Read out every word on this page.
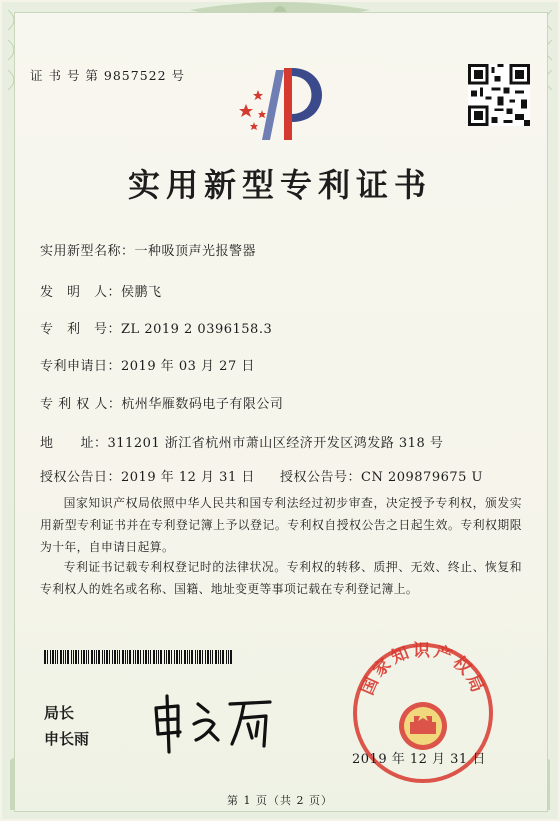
证 书 号 第 9857522 号
实用新型专利证书
实用新型名称：一种吸顶声光报警器
发　明　人：侯鹏飞
专　利　号：ZL 2019 2 0396158.3
专利申请日：2019 年 03 月 27 日
专 利 权 人：杭州华雁数码电子有限公司
地　　址：311201 浙江省杭州市萧山区经济开发区鸿发路 318 号
授权公告日：2019 年 12 月 31 日 授权公告号：CN 209879675 U
国家知识产权局依照中华人民共和国专利法经过初步审查，决定授予专利权，颁发实用新型专利证书并在专利登记簿上予以登记。专利权自授权公告之日起生效。专利权期限为十年，自申请日起算。
专利证书记载专利权登记时的法律状况。专利权的转移、质押、无效、终止、恢复和专利权人的姓名或名称、国籍、地址变更等事项记载在专利登记簿上。
局长
申长雨
国家知识产权局
2019 年 12 月 31 日
第 1 页（共 2 页）
